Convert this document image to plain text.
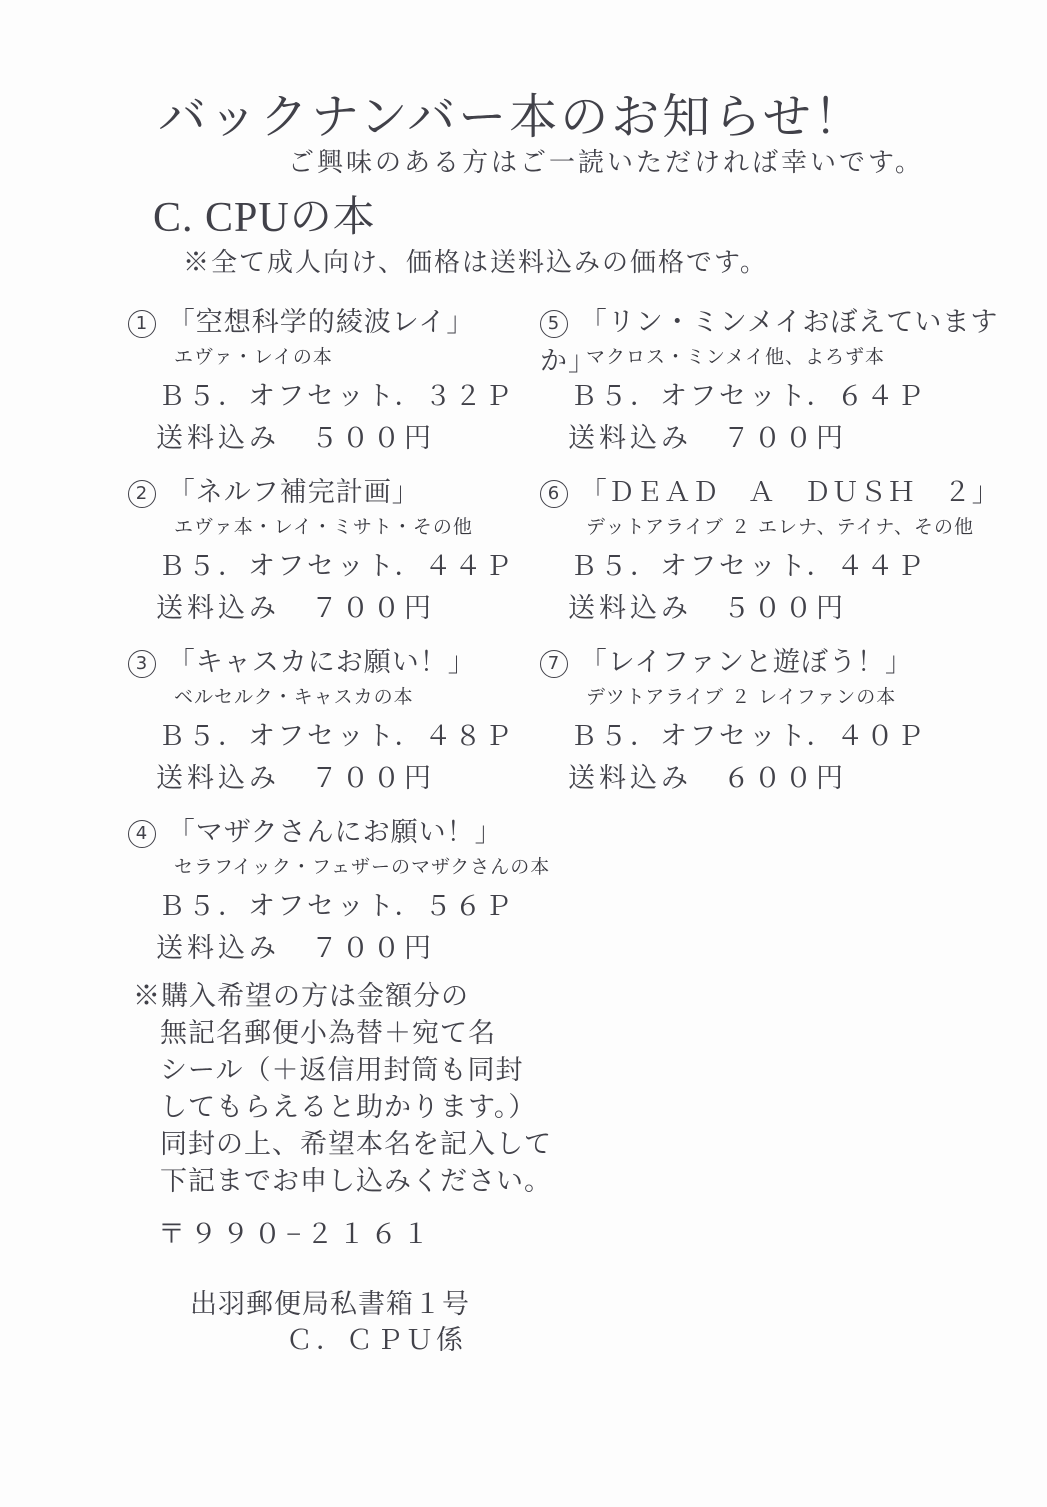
バックナンバー本のお知らせ！
ご興味のある方はご一読いただければ幸いです。
C. CPUの本
※全て成人向け、価格は送料込みの価格です。
1 「空想科学的綾波レイ」
エヴァ・レイの本
Ｂ５．オフセット．３２Ｐ
送料込み　５００円
2 「ネルフ補完計画」
エヴァ本・レイ・ミサト・その他
Ｂ５．オフセット．４４Ｐ
送料込み　７００円
3 「キャスカにお願い！」
ベルセルク・キャスカの本
Ｂ５．オフセット．４８Ｐ
送料込み　７００円
4 「マザクさんにお願い！」
セラフイック・フェザーのマザクさんの本
Ｂ５．オフセット．５６Ｐ
送料込み　７００円
5 「リン・ミンメイおぼえていますか」
マクロス・ミンメイ他、よろず本
Ｂ５．オフセット．６４Ｐ
送料込み　７００円
6 「ＤＥＡＤ　Ａ　ＤＵＳＨ　２」
デットアライブ ２ エレナ、テイナ、その他
Ｂ５．オフセット．４４Ｐ
送料込み　５００円
7 「レイファンと遊ぼう！」
デツトアライブ ２ レイファンの本
Ｂ５．オフセット．４０Ｐ
送料込み　６００円
※購入希望の方は金額分の
無記名郵便小為替＋宛て名
シール（＋返信用封筒も同封
してもらえると助かります。）
同封の上、希望本名を記入して
下記までお申し込みください。
〒９９０−２１６１
出羽郵便局私書箱１号
Ｃ．ＣＰＵ係
